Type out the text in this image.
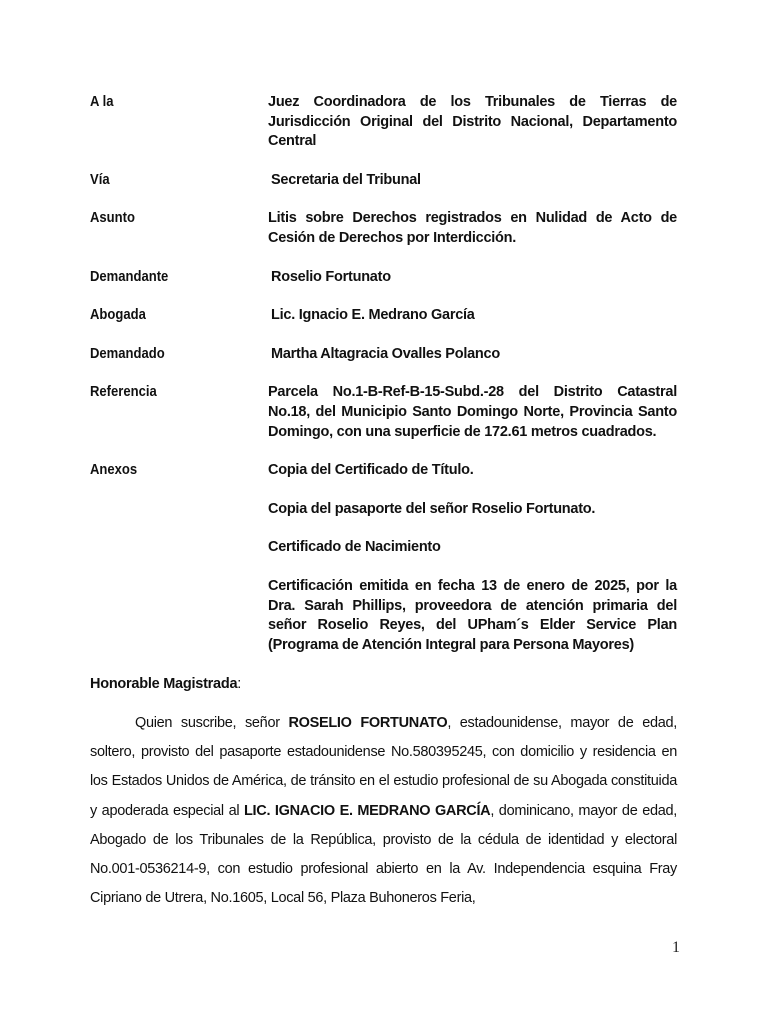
A la	Juez Coordinadora de los Tribunales de Tierras de Jurisdicción Original del Distrito Nacional, Departamento Central
Vía	Secretaria del Tribunal
Asunto	Litis sobre Derechos registrados en Nulidad de Acto de Cesión de Derechos por Interdicción.
Demandante	Roselio Fortunato
Abogada	Lic. Ignacio E. Medrano García
Demandado	Martha Altagracia Ovalles Polanco
Referencia	Parcela No.1-B-Ref-B-15-Subd.-28 del Distrito Catastral No.18, del Municipio Santo Domingo Norte, Provincia Santo Domingo, con una superficie de 172.61 metros cuadrados.
Anexos	Copia del Certificado de Título.
Copia del pasaporte del señor Roselio Fortunato.
Certificado de Nacimiento
Certificación emitida en fecha 13 de enero de 2025, por la Dra. Sarah Phillips, proveedora de atención primaria del señor Roselio Reyes, del UPham´s Elder Service Plan (Programa de Atención Integral para Persona Mayores)
Honorable Magistrada:
Quien suscribe, señor ROSELIO FORTUNATO, estadounidense, mayor de edad, soltero, provisto del pasaporte estadounidense No.580395245, con domicilio y residencia en los Estados Unidos de América, de tránsito en el estudio profesional de su Abogada constituida y apoderada especial al LIC. IGNACIO E. MEDRANO GARCÍA, dominicano, mayor de edad, Abogado de los Tribunales de la República, provisto de la cédula de identidad y electoral No.001-0536214-9, con estudio profesional abierto en la Av. Independencia esquina Fray Cipriano de Utrera, No.1605, Local 56, Plaza Buhoneros Feria,
1
